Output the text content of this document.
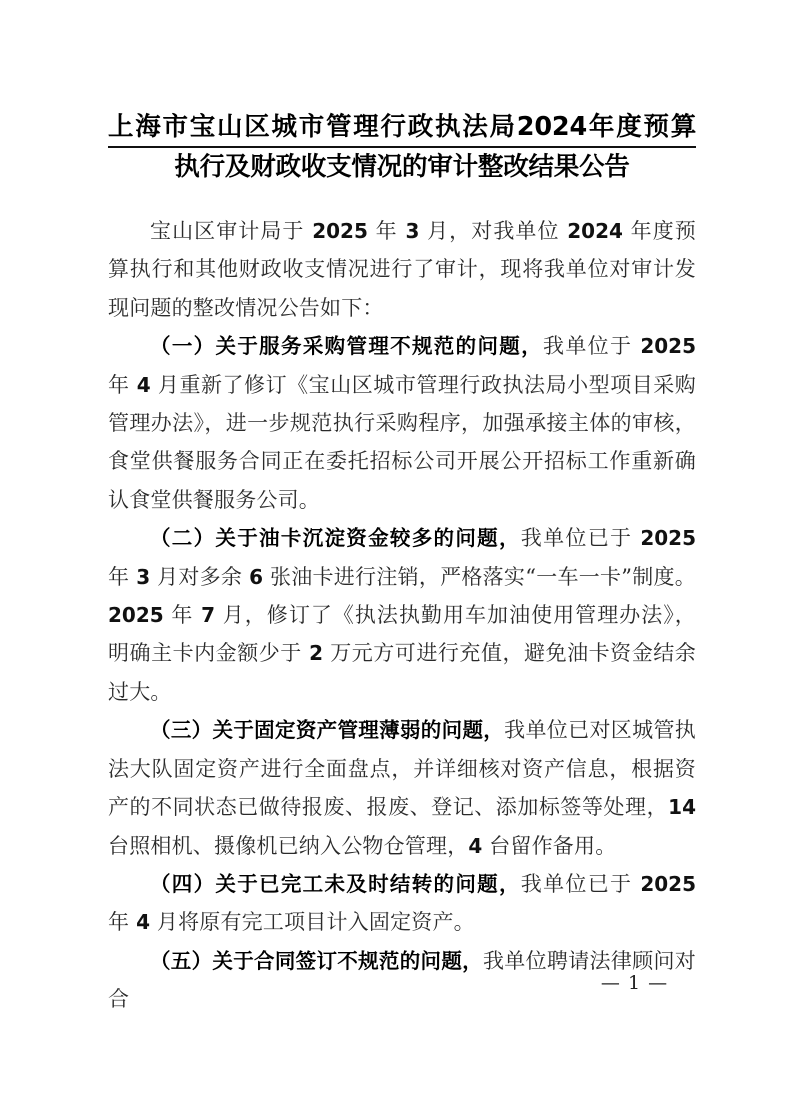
上海市宝山区城市管理行政执法局2024年度预算
执行及财政收支情况的审计整改结果公告

宝山区审计局于 2025 年 3 月，对我单位 2024 年度预算执行和其他财政收支情况进行了审计，现将我单位对审计发现问题的整改情况公告如下：

（一）关于服务采购管理不规范的问题，我单位于 2025 年 4 月重新了修订《宝山区城市管理行政执法局小型项目采购管理办法》，进一步规范执行采购程序，加强承接主体的审核，食堂供餐服务合同正在委托招标公司开展公开招标工作重新确认食堂供餐服务公司。

（二）关于油卡沉淀资金较多的问题，我单位已于 2025 年 3 月对多余 6 张油卡进行注销，严格落实“一车一卡”制度。2025 年 7 月，修订了《执法执勤用车加油使用管理办法》，明确主卡内金额少于 2 万元方可进行充值，避免油卡资金结余过大。

（三）关于固定资产管理薄弱的问题，我单位已对区城管执法大队固定资产进行全面盘点，并详细核对资产信息，根据资产的不同状态已做待报废、报废、登记、添加标签等处理，14 台照相机、摄像机已纳入公物仓管理，4 台留作备用。

（四）关于已完工未及时结转的问题，我单位已于 2025 年 4 月将原有完工项目计入固定资产。

（五）关于合同签订不规范的问题，我单位聘请法律顾问对合

— 1 —
